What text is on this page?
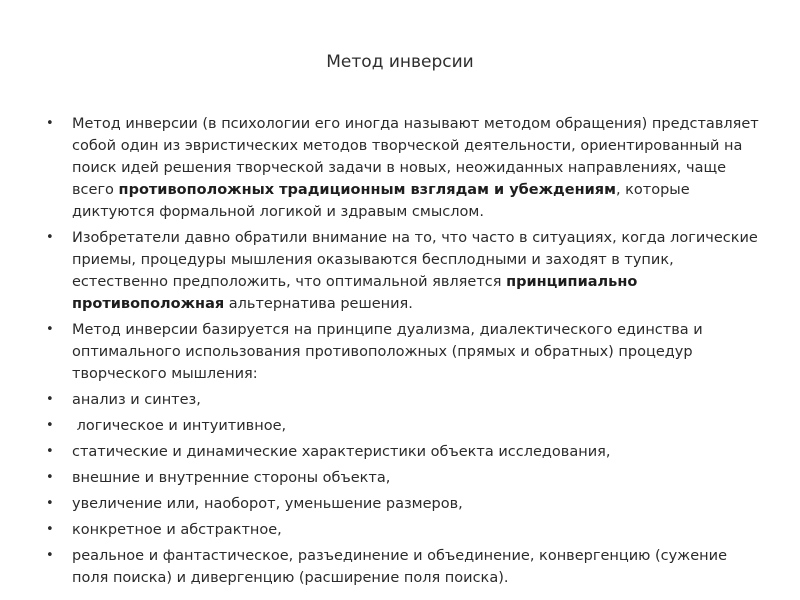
Метод инверсии
• Метод инверсии (в психологии его иногда называют методом обращения) представляет собой один из эвристических методов творческой деятельности, ориентированный на поиск идей решения творческой задачи в новых, неожиданных направлениях, чаще всего противоположных традиционным взглядам и убеждениям, которые диктуются формальной логикой и здравым смыслом.
• Изобретатели давно обратили внимание на то, что часто в ситуациях, когда логические приемы, процедуры мышления оказываются бесплодными и заходят в тупик, естественно предположить, что оптимальной является принципиально противоположная альтернатива решения.
• Метод инверсии базируется на принципе дуализма, диалектического единства и оптимального использования противоположных (прямых и обратных) процедур творческого мышления:
• анализ и синтез,
• логическое и интуитивное,
• статические и динамические характеристики объекта исследования,
• внешние и внутренние стороны объекта,
• увеличение или, наоборот, уменьшение размеров,
• конкретное и абстрактное,
• реальное и фантастическое, разъединение и объединение, конвергенцию (сужение поля поиска) и дивергенцию (расширение поля поиска).
